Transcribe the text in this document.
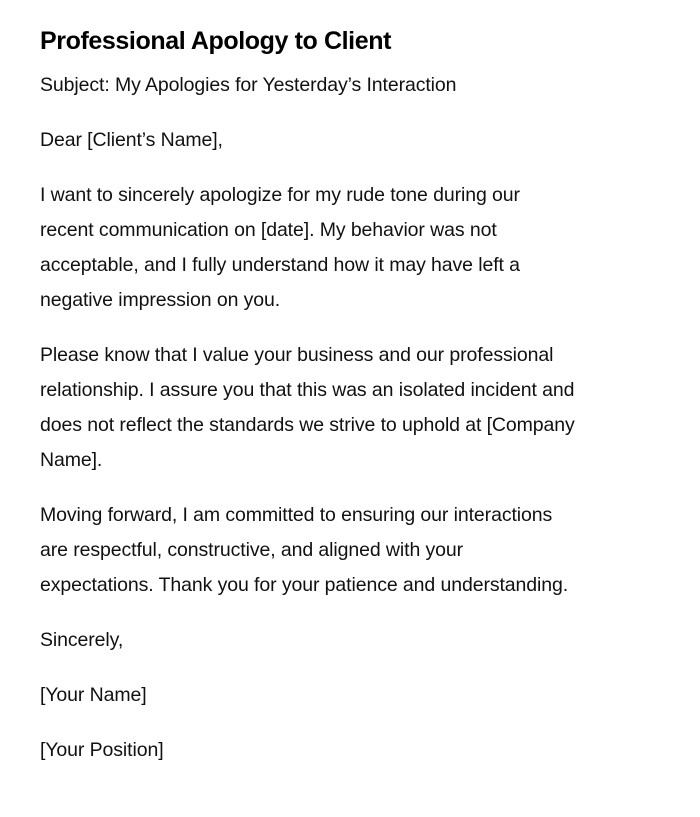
Professional Apology to Client

Subject: My Apologies for Yesterday’s Interaction

Dear [Client’s Name],

I want to sincerely apologize for my rude tone during our
recent communication on [date]. My behavior was not
acceptable, and I fully understand how it may have left a
negative impression on you.

Please know that I value your business and our professional
relationship. I assure you that this was an isolated incident and
does not reflect the standards we strive to uphold at [Company
Name].

Moving forward, I am committed to ensuring our interactions
are respectful, constructive, and aligned with your
expectations. Thank you for your patience and understanding.

Sincerely,

[Your Name]

[Your Position]
